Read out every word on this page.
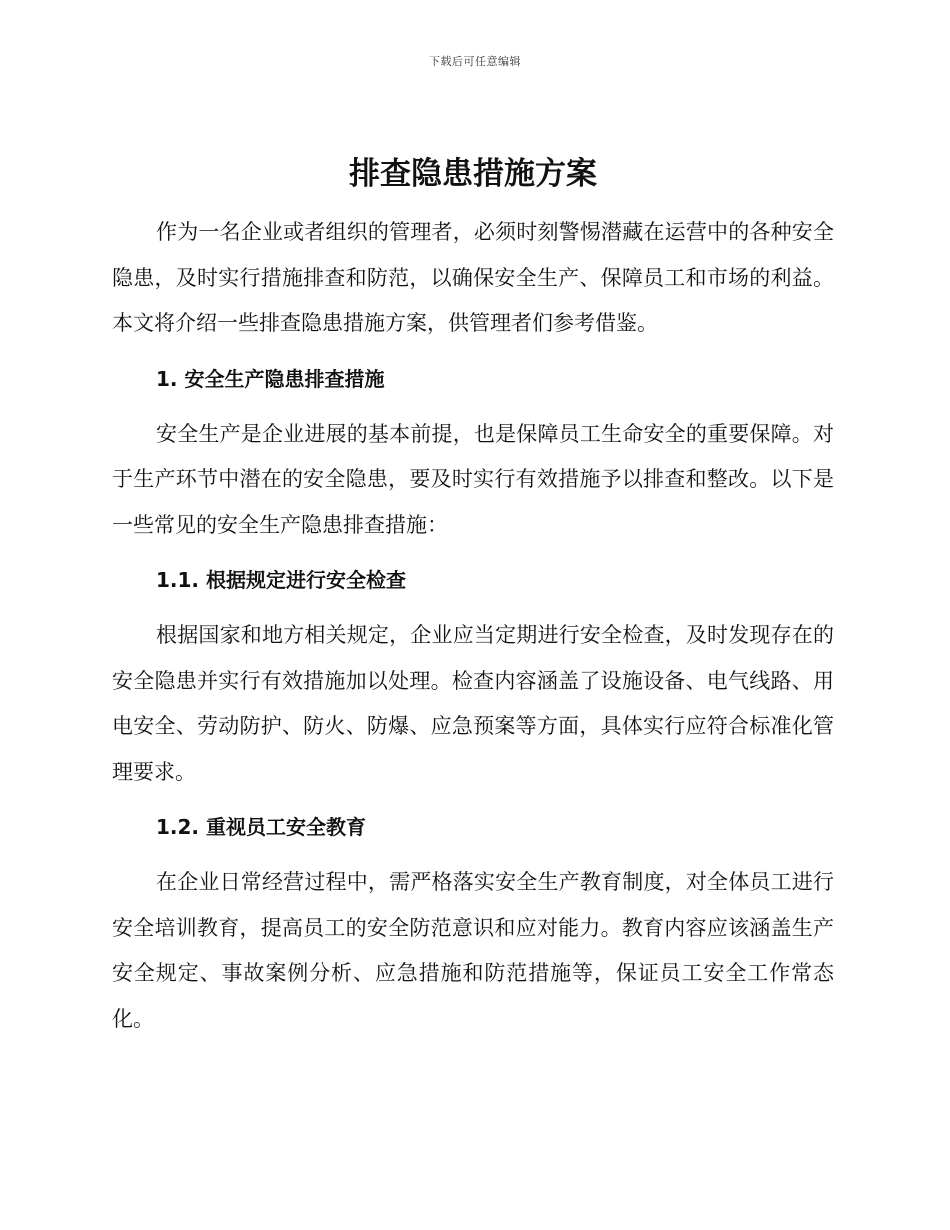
下载后可任意编辑
排查隐患措施方案

作为一名企业或者组织的管理者，必须时刻警惕潜藏在运营中的各种安全隐患，及时实行措施排查和防范，以确保安全生产、保障员工和市场的利益。本文将介绍一些排查隐患措施方案，供管理者们参考借鉴。

1. 安全生产隐患排查措施

安全生产是企业进展的基本前提，也是保障员工生命安全的重要保障。对于生产环节中潜在的安全隐患，要及时实行有效措施予以排查和整改。以下是一些常见的安全生产隐患排查措施：

1.1. 根据规定进行安全检查

根据国家和地方相关规定，企业应当定期进行安全检查，及时发现存在的安全隐患并实行有效措施加以处理。检查内容涵盖了设施设备、电气线路、用电安全、劳动防护、防火、防爆、应急预案等方面，具体实行应符合标准化管理要求。

1.2. 重视员工安全教育

在企业日常经营过程中，需严格落实安全生产教育制度，对全体员工进行安全培训教育，提高员工的安全防范意识和应对能力。教育内容应该涵盖生产安全规定、事故案例分析、应急措施和防范措施等，保证员工安全工作常态化。
